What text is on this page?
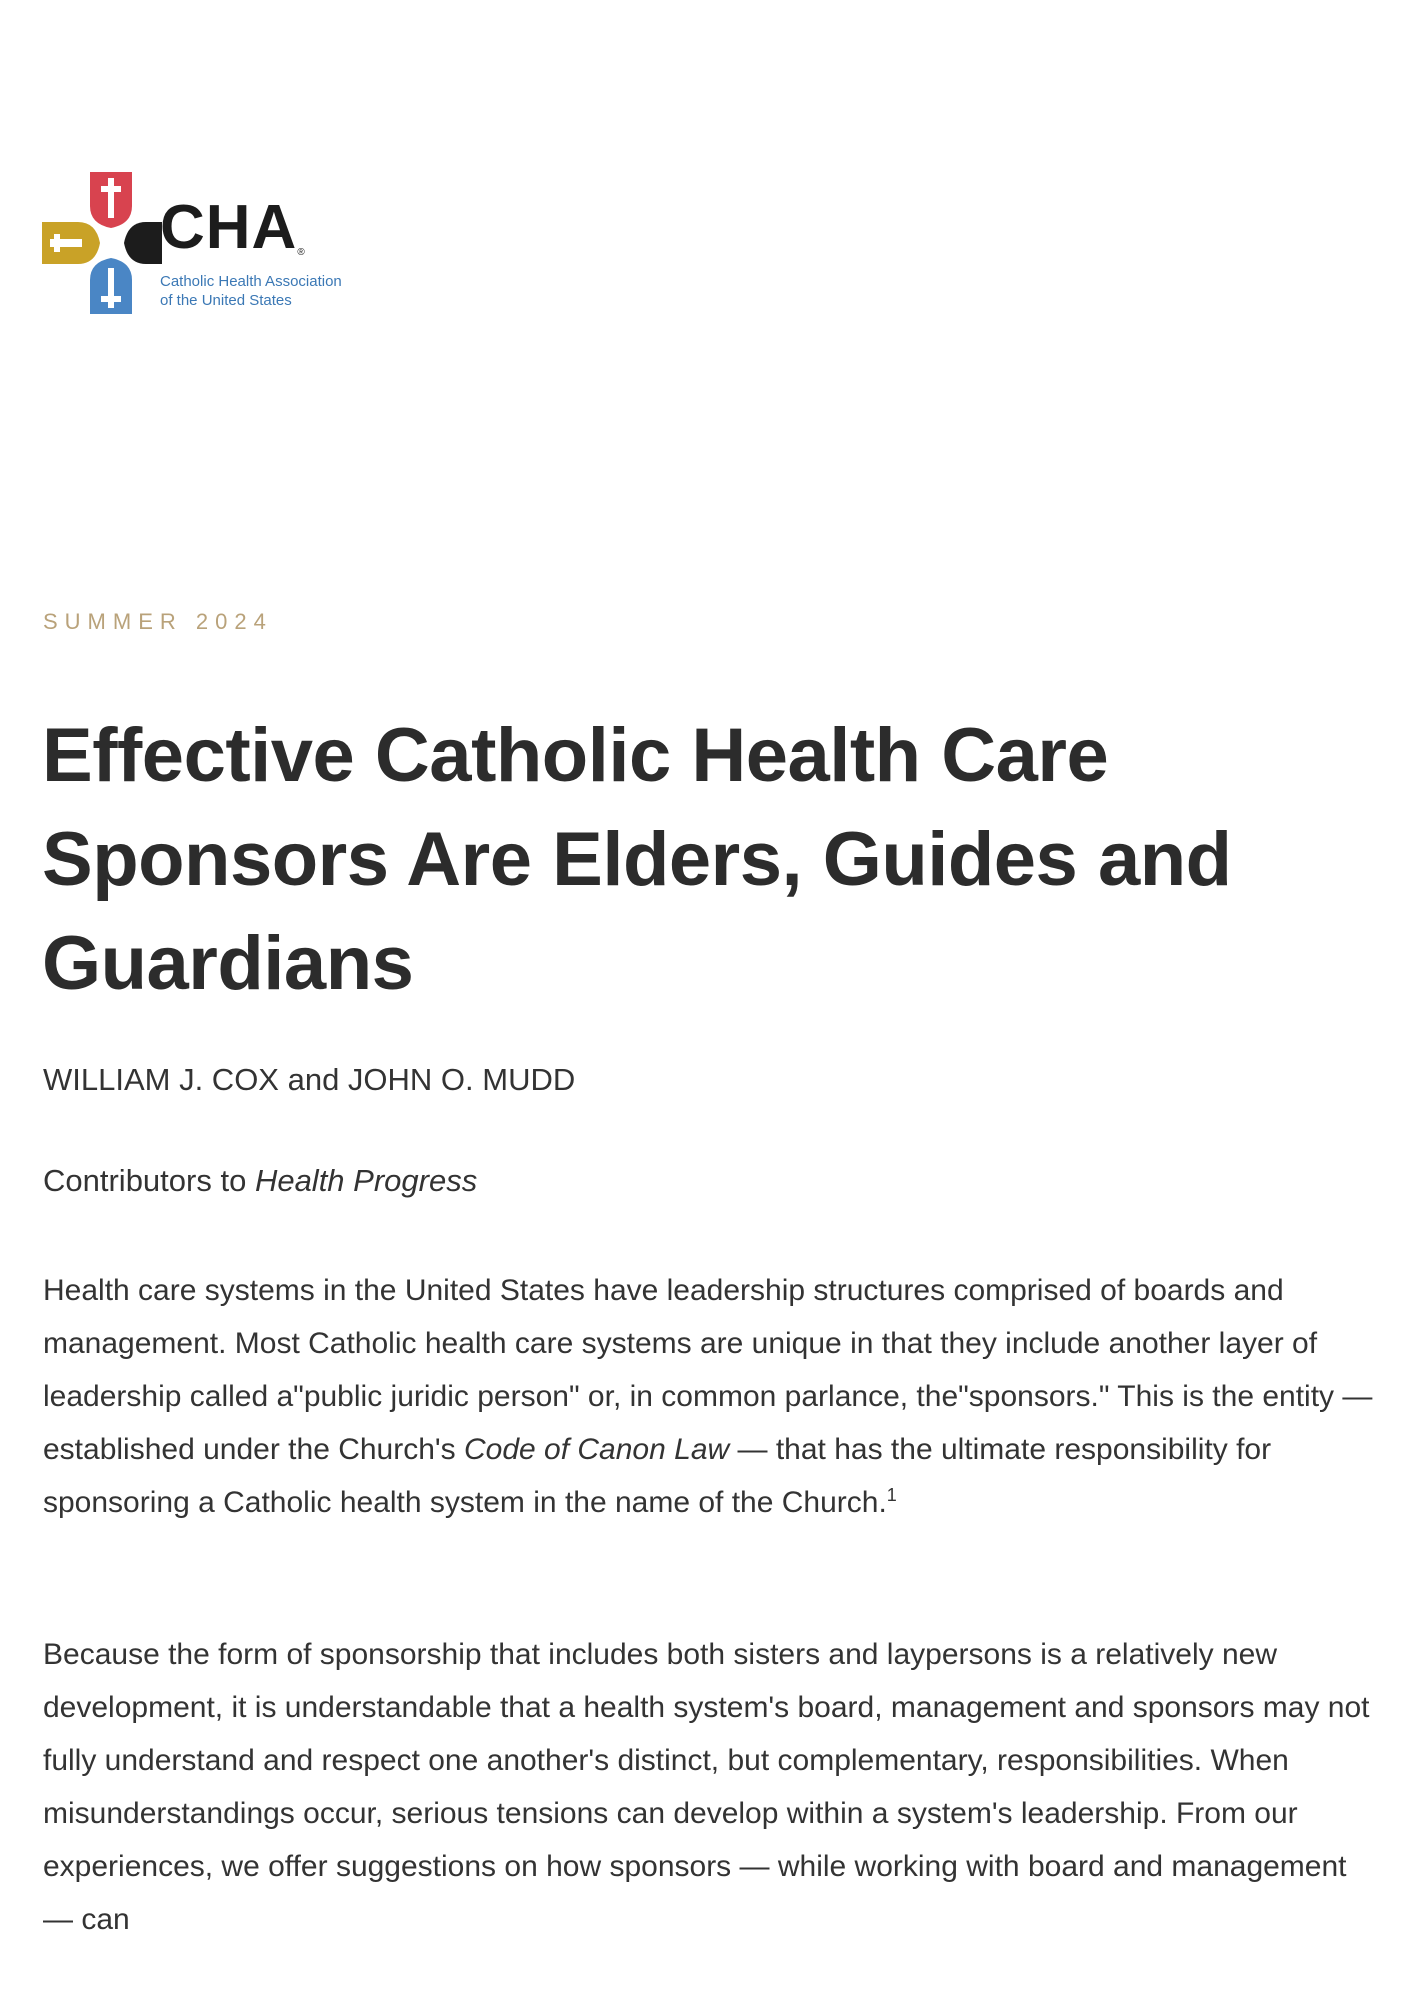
CHA®
Catholic Health Association
of the United States
SUMMER 2024
Effective Catholic Health Care Sponsors Are Elders, Guides and Guardians
WILLIAM J. COX and JOHN O. MUDD
Contributors to Health Progress

Health care systems in the United States have leadership structures comprised of boards and management. Most Catholic health care systems are unique in that they include another layer of leadership called a"public juridic person" or, in common parlance, the"sponsors." This is the entity — established under the Church's Code of Canon Law — that has the ultimate responsibility for sponsoring a Catholic health system in the name of the Church.$^1$

Because the form of sponsorship that includes both sisters and laypersons is a relatively new development, it is understandable that a health system's board, management and sponsors may not fully understand and respect one another's distinct, but complementary, responsibilities. When misunderstandings occur, serious tensions can develop within a system's leadership. From our experiences, we offer suggestions on how sponsors — while working with board and management — can
